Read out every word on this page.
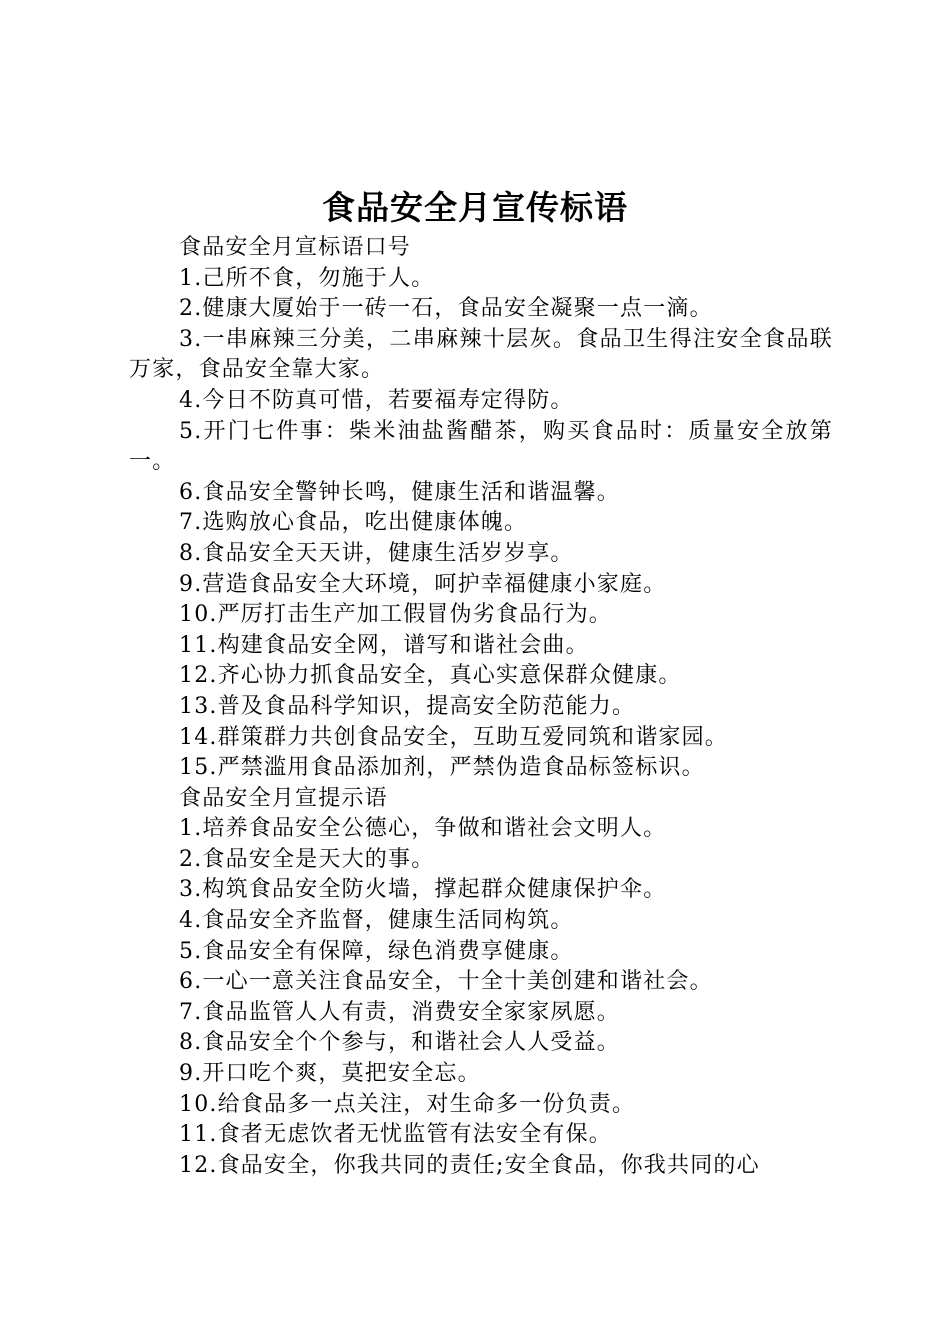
食品安全月宣传标语

食品安全月宣标语口号

1.己所不食，勿施于人。

2.健康大厦始于一砖一石，食品安全凝聚一点一滴。

3.一串麻辣三分美，二串麻辣十层灰。食品卫生得注安全食品联万家，食品安全靠大家。

4.今日不防真可惜，若要福寿定得防。

5.开门七件事：柴米油盐酱醋茶，购买食品时：质量安全放第一。

6.食品安全警钟长鸣，健康生活和谐温馨。

7.选购放心食品，吃出健康体魄。

8.食品安全天天讲，健康生活岁岁享。

9.营造食品安全大环境，呵护幸福健康小家庭。

10.严厉打击生产加工假冒伪劣食品行为。

11.构建食品安全网，谱写和谐社会曲。

12.齐心协力抓食品安全，真心实意保群众健康。

13.普及食品科学知识，提高安全防范能力。

14.群策群力共创食品安全，互助互爱同筑和谐家园。

15.严禁滥用食品添加剂，严禁伪造食品标签标识。

食品安全月宣提示语

1.培养食品安全公德心，争做和谐社会文明人。

2.食品安全是天大的事。

3.构筑食品安全防火墙，撑起群众健康保护伞。

4.食品安全齐监督，健康生活同构筑。

5.食品安全有保障，绿色消费享健康。

6.一心一意关注食品安全，十全十美创建和谐社会。

7.食品监管人人有责，消费安全家家夙愿。

8.食品安全个个参与，和谐社会人人受益。

9.开口吃个爽，莫把安全忘。

10.给食品多一点关注，对生命多一份负责。

11.食者无虑饮者无忧监管有法安全有保。

12.食品安全，你我共同的责任;安全食品，你我共同的心
